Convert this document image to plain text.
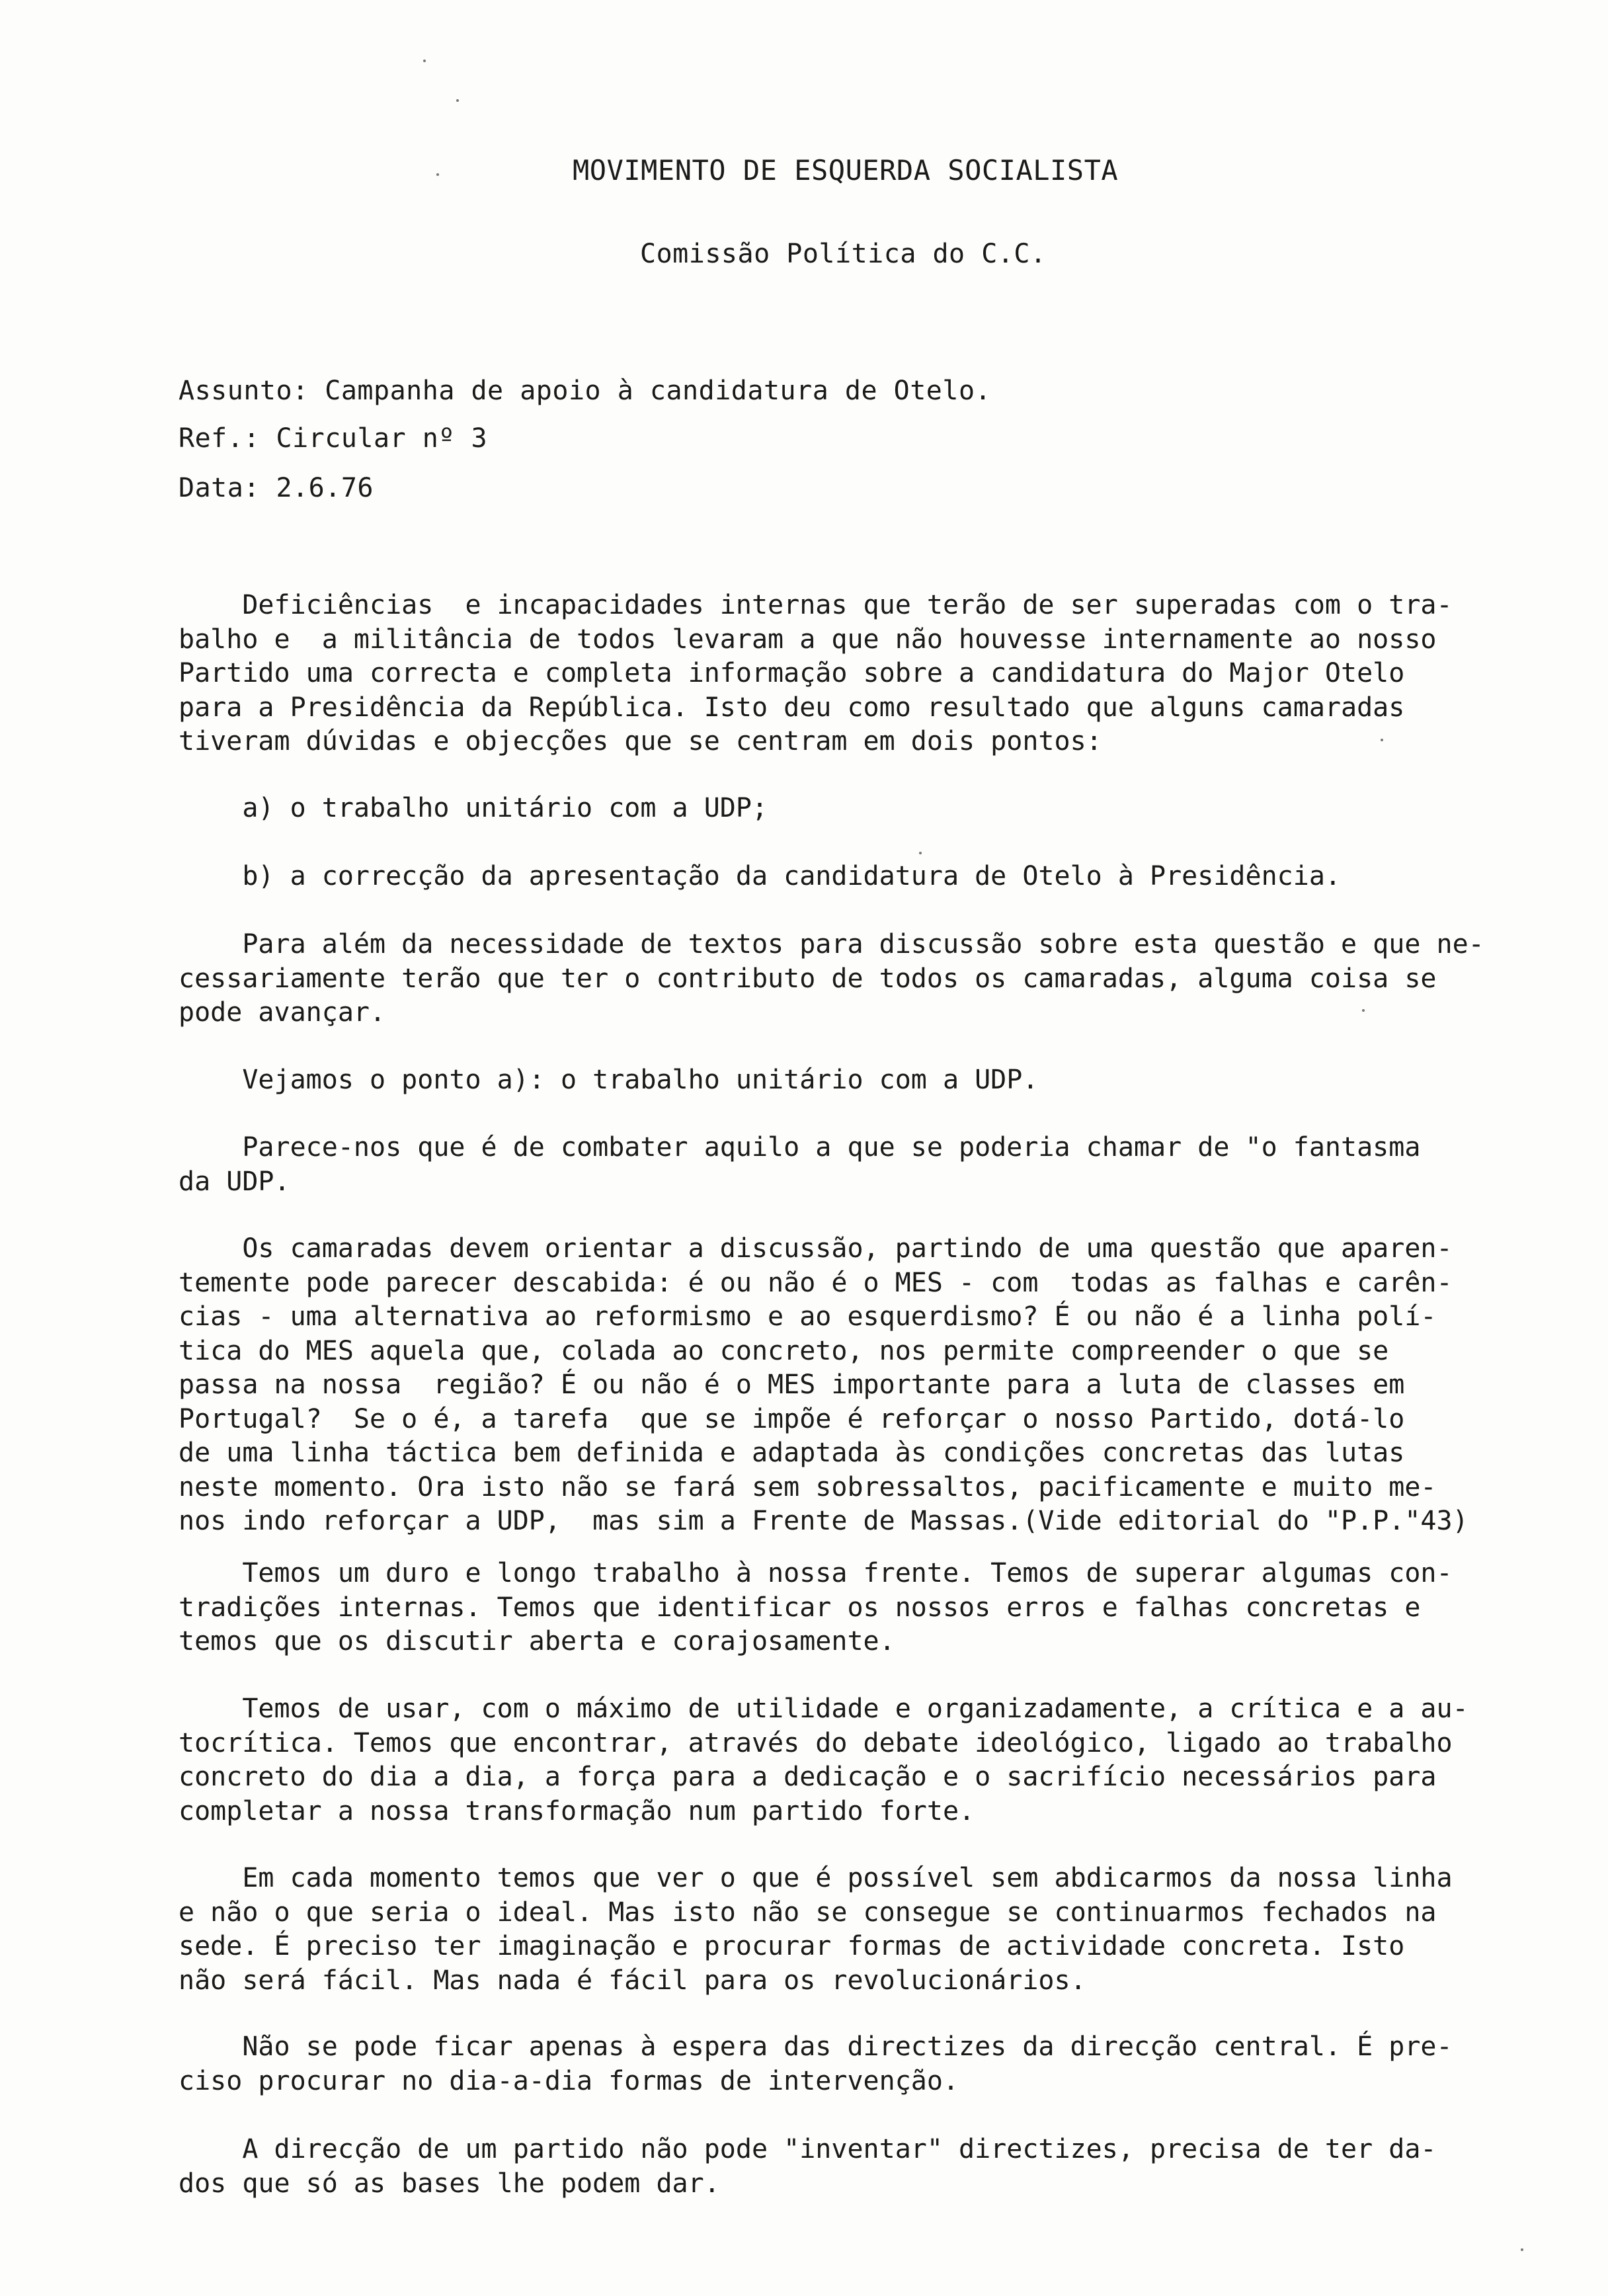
MOVIMENTO DE ESQUERDA SOCIALISTA
Comissão Política do C.C.
Assunto: Campanha de apoio à candidatura de Otelo.
Ref.: Circular nº 3
Data: 2.6.76

Deficiências  e incapacidades internas que terão de ser superadas com o tra-
balho e  a militância de todos levaram a que não houvesse internamente ao nosso
Partido uma correcta e completa informação sobre a candidatura do Major Otelo
para a Presidência da República. Isto deu como resultado que alguns camaradas
tiveram dúvidas e objecções que se centram em dois pontos:

a) o trabalho unitário com a UDP;

b) a correcção da apresentação da candidatura de Otelo à Presidência.

Para além da necessidade de textos para discussão sobre esta questão e que ne-
cessariamente terão que ter o contributo de todos os camaradas, alguma coisa se
pode avançar.

Vejamos o ponto a): o trabalho unitário com a UDP.

Parece-nos que é de combater aquilo a que se poderia chamar de "o fantasma
da UDP.

Os camaradas devem orientar a discussão, partindo de uma questão que aparen-
temente pode parecer descabida: é ou não é o MES - com  todas as falhas e carên-
cias - uma alternativa ao reformismo e ao esquerdismo? É ou não é a linha polí-
tica do MES aquela que, colada ao concreto, nos permite compreender o que se
passa na nossa  região? É ou não é o MES importante para a luta de classes em
Portugal?  Se o é, a tarefa  que se impõe é reforçar o nosso Partido, dotá-lo
de uma linha táctica bem definida e adaptada às condições concretas das lutas
neste momento. Ora isto não se fará sem sobressaltos, pacificamente e muito me-
nos indo reforçar a UDP,  mas sim a Frente de Massas.(Vide editorial do "P.P."43)

Temos um duro e longo trabalho à nossa frente. Temos de superar algumas con-
tradições internas. Temos que identificar os nossos erros e falhas concretas e
temos que os discutir aberta e corajosamente.

Temos de usar, com o máximo de utilidade e organizadamente, a crítica e a au-
tocrítica. Temos que encontrar, através do debate ideológico, ligado ao trabalho
concreto do dia a dia, a força para a dedicação e o sacrifício necessários para
completar a nossa transformação num partido forte.

Em cada momento temos que ver o que é possível sem abdicarmos da nossa linha
e não o que seria o ideal. Mas isto não se consegue se continuarmos fechados na
sede. É preciso ter imaginação e procurar formas de actividade concreta. Isto
não será fácil. Mas nada é fácil para os revolucionários.

Não se pode ficar apenas à espera das directizes da direcção central. É pre-
ciso procurar no dia-a-dia formas de intervenção.

A direcção de um partido não pode "inventar" directizes, precisa de ter da-
dos que só as bases lhe podem dar.
